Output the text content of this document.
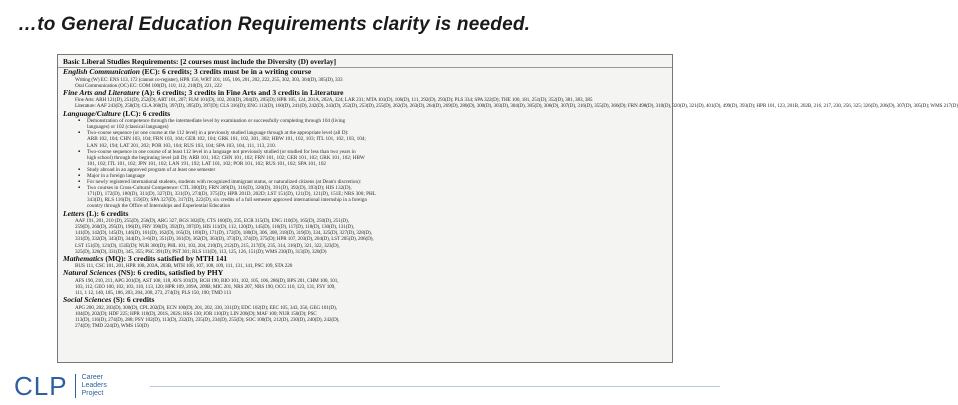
…to General Education Requirements clarity is needed.
Basic Liberal Studies Requirements: [2 courses must include the Diversity (D) overlay]
English Communication (EC): 6 credits; 3 credits must be in a writing course
Writing (W) EC: ENS 113, 172 (cannot co-register), HPR 156, WRT 101, 105, 106, 201, 202, 222, 255, 302, 303, 304(D), 305(D), 333
Oral Communication (OC) EC: COM 100(D), 110, 112, 210(D), 221, 222
Fine Arts and Literature (A): 6 credits; 3 credits in Fine Arts and 3 credits in Literature
Fine Arts: ARH 121(D), 251(D), 252(D); ART 101, 207; FLM 101(D), 102, 203(D), 204(D), 205(D); HPR 105, 124, 201A, 202A, 324; LAR 231; MTA 101(D), 106(D), 111, 292(D), 293(D); PLS 334; SPA 322(D); THE 100, 181, 251(D), 352(D), 381, 383, 385
Literature: AAF 243(D), 258(D); CLA 360(D), 397(D), 395(D), 397(D); CLS 316(D); ENG 112(D), 160(D), 241(D), 242(D), 243(D), 252(D), 253(D), 255(D), 262(D), 263(D), 264(D), 269(D), 280(D), 300(D), 303(D), 304(D), 305(D), 306(D), 307(D), 316(D), 355(D), 366(D); FRN 498(D), 310(D), 320(D), 321(D), 401(D), 499(D), 393(D); HPR 101, 123, 201B, 202B, 216, 217, 230, 256, 325; 326(D), 206(D), 307(D), 305(D); WMS 217(D)
Language/Culture (LC): 6 credits
▪ Demonstration of competence through the intermediate level by examination or successfully completing through 104 (living
languages) or 102 (classical languages)
▪ Two-course sequence (or one course at the 112 level) in a previously studied language through at the appropriate level (all D):
ARB 102, 104; CHN 103, 104; FRN 103, 104; GER 102, 104; GRK 101, 102, 301, 302; HBW 101, 102, 103; ITL 101, 102, 103, 104;
LAN 102, 194; LAT 201, 202; POR 103, 104; RUS 103, 104; SPA 103, 104, 111, 113, 210.
▪ Two-course sequence in one course of at least 112 level in a language not previously studied (or studied for less than two years in
high school) through the beginning level (all D): ARB 101, 102; CHN 101, 102; FRN 101, 102; GER 101, 102; GRK 101, 102; HBW
101, 102; ITL 101, 102; JPN 101, 102; LAN 191, 192; LAT 101, 102; POR 101, 102; RUS 101, 102; SPA 101, 102
▪ Study abroad in an approved program of at least one semester
▪ Major in a foreign language
▪ For newly registered international students, students with recognized immigrant status, or naturalized citizens (at Dean's discretion):
▪ Two courses in Cross-Cultural Competence: CTL 300(D); FRN 309(D), 316(D), 320(D), 391(D), 392(D), 393(D); HIS 132(D),
171(D), 172(D), 180(D), 311(D), 327(D), 331(D), 274(D), 375(D); HPR 201D, 202D; LST 151(D), 121(D), 121(D), 151E; NRS 300; PHL
343(D), RLS 116(D), 159(D); SPA 327(D), 317(D), 222(D), six credits of a full semester approved international internship in a foreign
country through the Office of Internships and Experiential Education
Letters (L): 6 credits
AAF 191, 201, 210 (D), 255(D), 256(D), ARG 327, BGS 302(D), CTS 160(D), 235, ECR 315(D), ENG 110(D), 165(D), 250(D), 251(D),
259(D), 260(D), 295(D), 196(D), FRV 390(D), 392(D), 397(D), HIS 111(D), 112, 120(D), 145(D), 116(D), 117(D), 118(D), 130(D), 131(D),
141(D), 142(D), 145(D), 146(D), 161(D), 162(D), 165(D), 169(D), 171(D), 172(D), 180(D), 306, 308, 318(D), 319(D), 334, 325(D), 327(D), 328(D),
331(D), 332(D), 343(D), 344(D), 3+6(D), 351(D), 361(D), 362(D), 363(D), 373(D), 374(D), 375(D); HPR 107, 203(D), 204(D), LST 205(D), 206(D),
LST 151(D), 121(D), 151E(D); NUR 360(D); PHL 101, 103, 204, 210(D), 212(D), 215, 217(D), 235, 314, 316(D), 321, 322, 323(D),
325(D), 326(D), 331(D), 345, 355; PSC 391(D); PST 301; RLS 111(D), 113, 125, 126, 151(D); WMS 230(D), 313(D), 320(D)
Mathematics (MQ): 3 credits satisfied by MTH 141
BUS 111, CSC 101, 201, HPR 108, 203A, 203B, MTH 106, 107, 108, 109, 111, 131, 141, PSC 109, STA 220
Natural Sciences (NS): 6 credits, satisfied by PHY
AFS 190, 210, 211, APG 201(D), AST 108, 118, AVS 101(D), BCH 190, BIO 101, 102, 105, 106, 286(D), BPS 201, CHM 100, 101,
103, 112, GEO 100, 102, 103, 110, 113, 120; HPR 109, 209A, 209B; MIC 201, NRS 207, NRS 190, OCG 110, 123, 131, FSY 109,
111, 1 12, 140, 185, 186, 203, 204, 208, 273, 274(D); PLS 150, 190; TMD 113
Social Sciences (S): 6 credits
APG 200, 202, 203(D), 300(D), CPL 202(D), ECN 100(D), 201, 202, 330, 331(D); EDC 102(D); EEC 105, 343, 356, GEG 101(D),
104(D), 202(D); HDF 225; HPR 110(D), 201S, 202S; HSS 130; JOR 110(D); LIN 200(D); MAF 100; NUR 150(D); PSC
113(D), 116(D), 274(D), 288; PSY 102(D), 113(D), 232(D), 235(D), 234(D), 255(D); SOC 100(D), 212(D), 230(D), 240(D), 242(D),
274(D); TMD 224(D), WMS 150(D)
CLP Career
Leaders
Project
